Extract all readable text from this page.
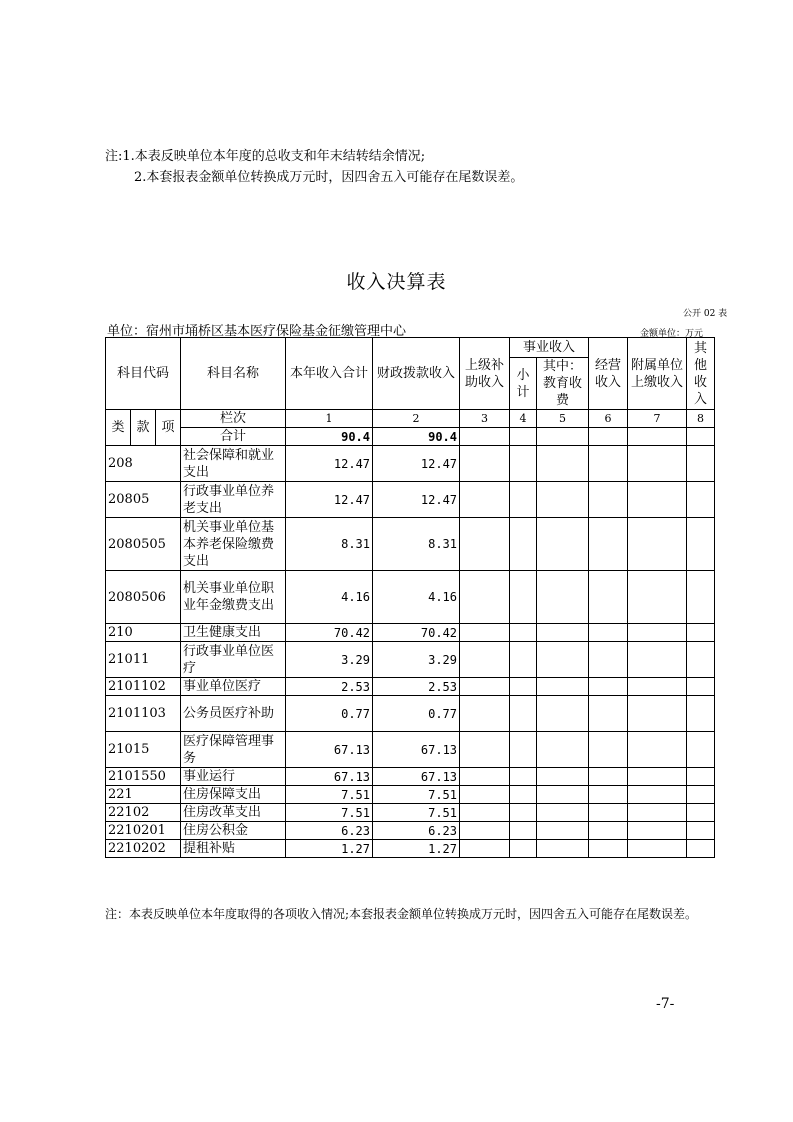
注:1.本表反映单位本年度的总收支和年末结转结余情况;
2.本套报表金额单位转换成万元时，因四舍五入可能存在尾数误差。
收入决算表
公开 02 表
单位：宿州市埇桥区基本医疗保险基金征缴管理中心	金额单位：万元
科目代码			科目名称	本年收入合计	财政拨款收入	上级补助收入	事业收入		经营收入	附属单位上缴收入	其他收入
							小计	其中：教育收费			
类	款	项	栏次	1	2	3	4	5	6	7	8
			合计	90.4	90.4						
208			社会保障和就业支出	12.47	12.47						
20805			行政事业单位养老支出	12.47	12.47						
2080505			机关事业单位基本养老保险缴费支出	8.31	8.31						
2080506			机关事业单位职业年金缴费支出	4.16	4.16						
210			卫生健康支出	70.42	70.42						
21011			行政事业单位医疗	3.29	3.29						
2101102			事业单位医疗	2.53	2.53						
2101103			公务员医疗补助	0.77	0.77						
21015			医疗保障管理事务	67.13	67.13						
2101550			事业运行	67.13	67.13						
221			住房保障支出	7.51	7.51						
22102			住房改革支出	7.51	7.51						
2210201			住房公积金	6.23	6.23						
2210202			提租补贴	1.27	1.27						
注：本表反映单位本年度取得的各项收入情况;本套报表金额单位转换成万元时，因四舍五入可能存在尾数误差。
-7-
